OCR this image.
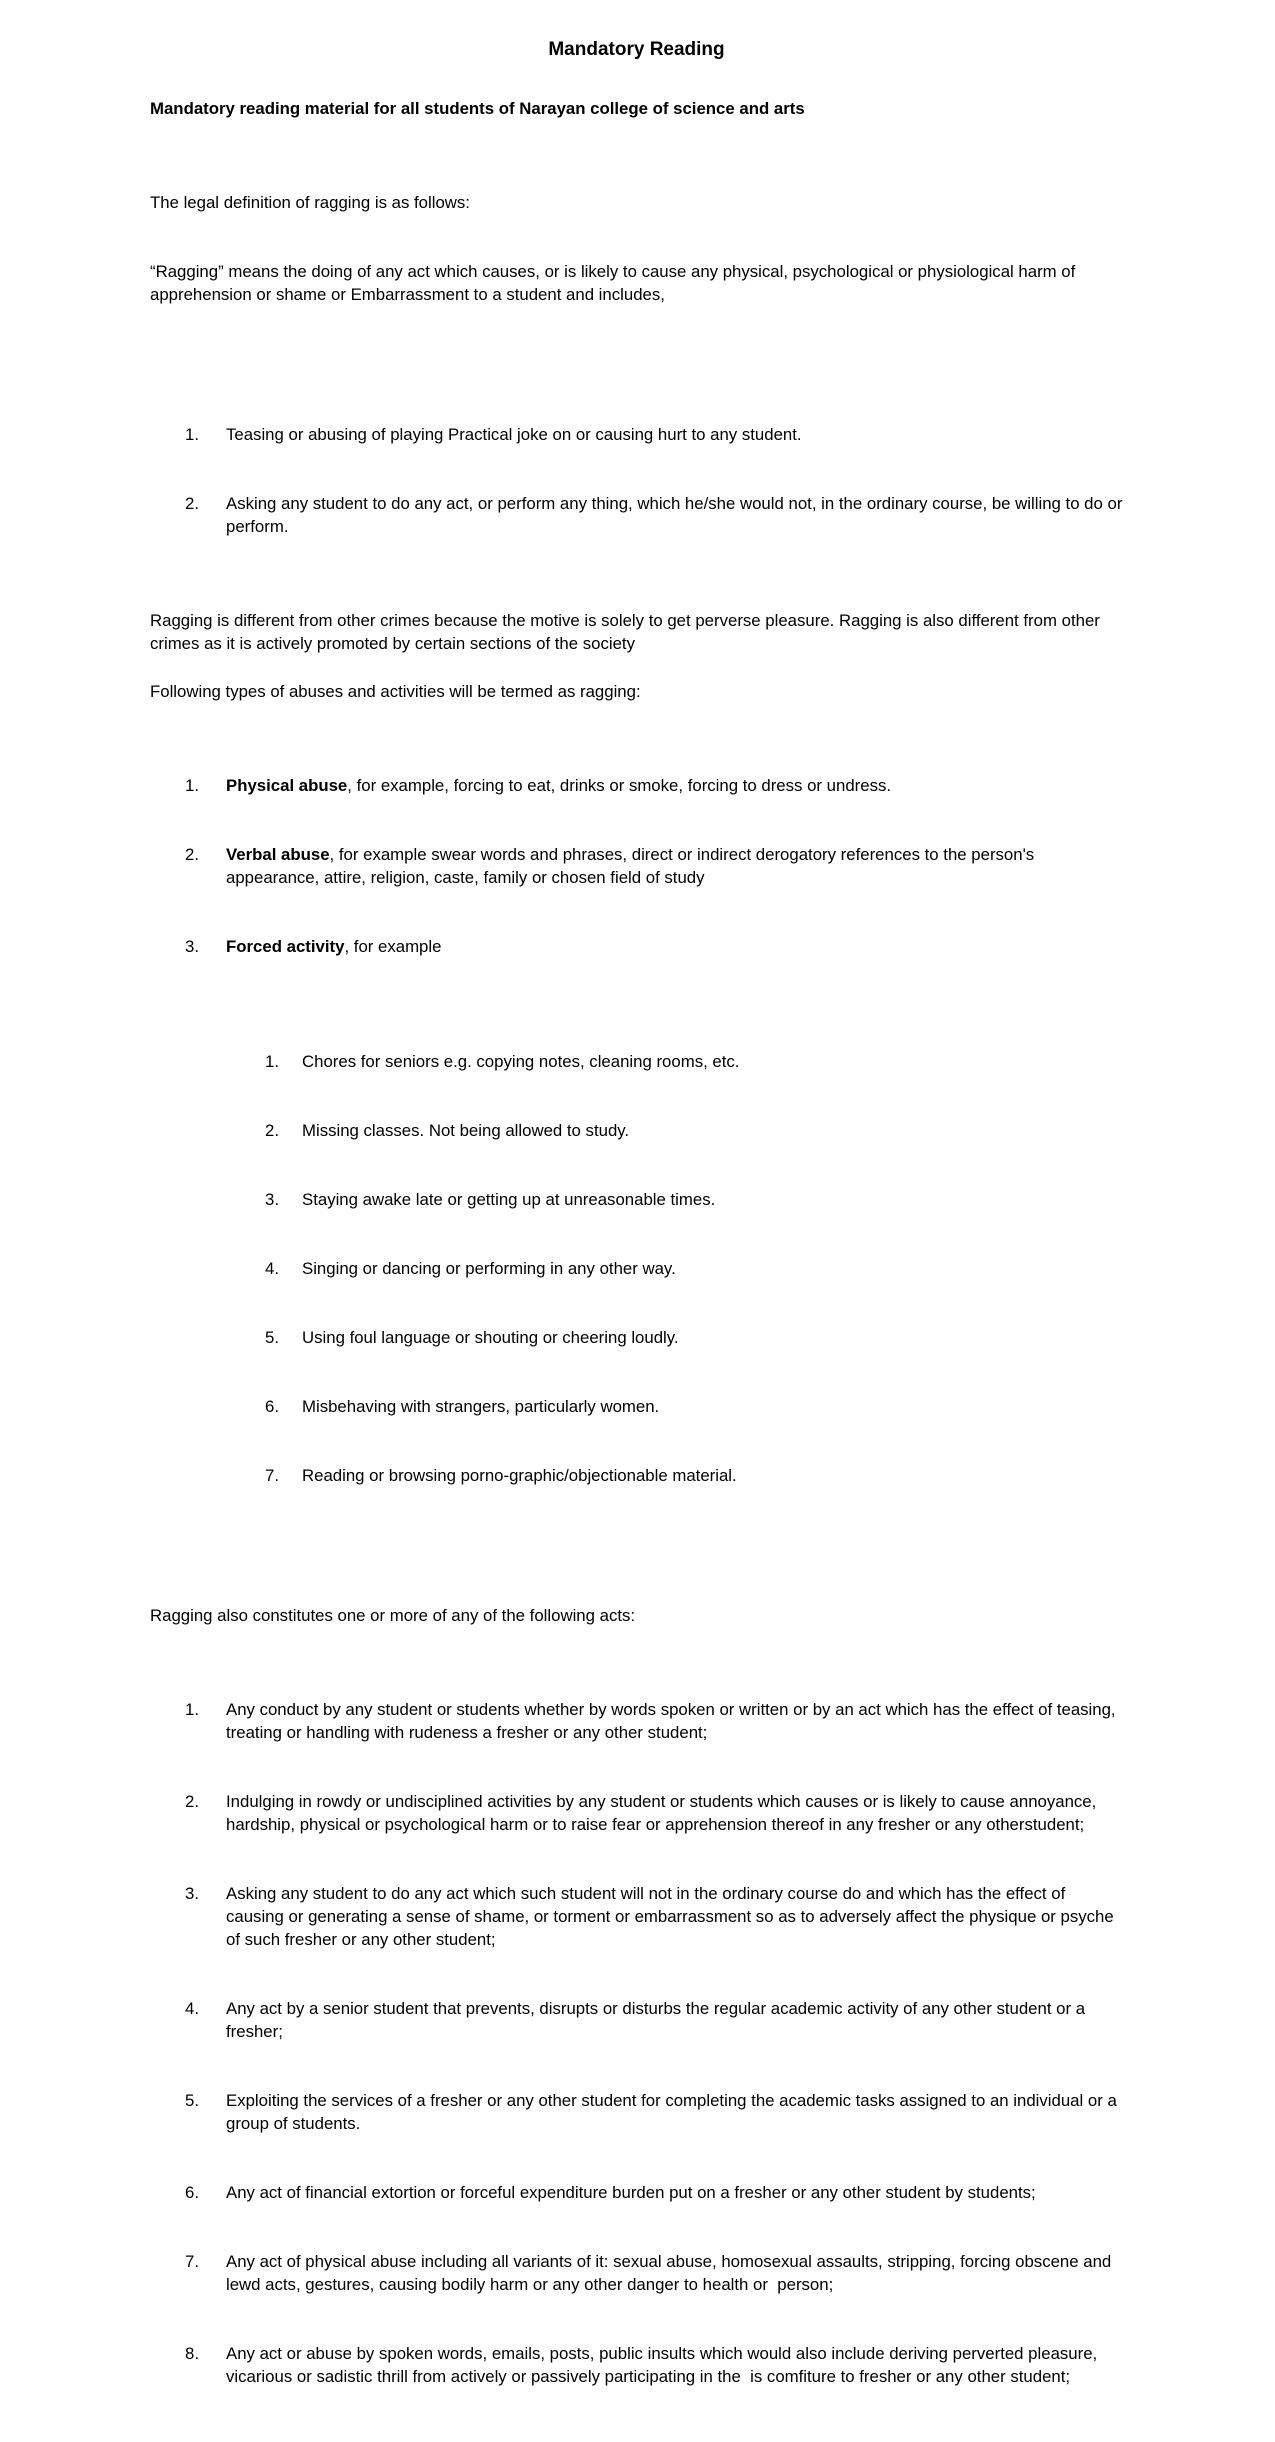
Mandatory Reading
Mandatory reading material for all students of Narayan college of science and arts

The legal definition of ragging is as follows:

“Ragging” means the doing of any act which causes, or is likely to cause any physical, psychological or physiological harm of apprehension or shame or Embarrassment to a student and includes,

1.	Teasing or abusing of playing Practical joke on or causing hurt to any student.

2.	Asking any student to do any act, or perform any thing, which he/she would not, in the ordinary course, be willing to do or perform.

Ragging is different from other crimes because the motive is solely to get perverse pleasure. Ragging is also different from other crimes as it is actively promoted by certain sections of the society
Following types of abuses and activities will be termed as ragging:

1.	Physical abuse, for example, forcing to eat, drinks or smoke, forcing to dress or undress.

2.	Verbal abuse, for example swear words and phrases, direct or indirect derogatory references to the person's appearance, attire, religion, caste, family or chosen field of study

3.	Forced activity, for example

1.	Chores for seniors e.g. copying notes, cleaning rooms, etc.

2.	Missing classes. Not being allowed to study.

3.	Staying awake late or getting up at unreasonable times.

4.	Singing or dancing or performing in any other way.

5.	Using foul language or shouting or cheering loudly.

6.	Misbehaving with strangers, particularly women.

7.	Reading or browsing porno-graphic/objectionable material.

Ragging also constitutes one or more of any of the following acts:

1.	Any conduct by any student or students whether by words spoken or written or by an act which has the effect of teasing, treating or handling with rudeness a fresher or any other student;

2.	Indulging in rowdy or undisciplined activities by any student or students which causes or is likely to cause annoyance, hardship, physical or psychological harm or to raise fear or apprehension thereof in any fresher or any otherstudent;

3.	Asking any student to do any act which such student will not in the ordinary course do and which has the effect of causing or generating a sense of shame, or torment or embarrassment so as to adversely affect the physique or psyche of such fresher or any other student;

4.	Any act by a senior student that prevents, disrupts or disturbs the regular academic activity of any other student or a fresher;

5.	Exploiting the services of a fresher or any other student for completing the academic tasks assigned to an individual or a group of students.

6.	Any act of financial extortion or forceful expenditure burden put on a fresher or any other student by students;

7.	Any act of physical abuse including all variants of it: sexual abuse, homosexual assaults, stripping, forcing obscene and lewd acts, gestures, causing bodily harm or any other danger to health or  person;

8.	Any act or abuse by spoken words, emails, posts, public insults which would also include deriving perverted pleasure, vicarious or sadistic thrill from actively or passively participating in the  is comfiture to fresher or any other student;
